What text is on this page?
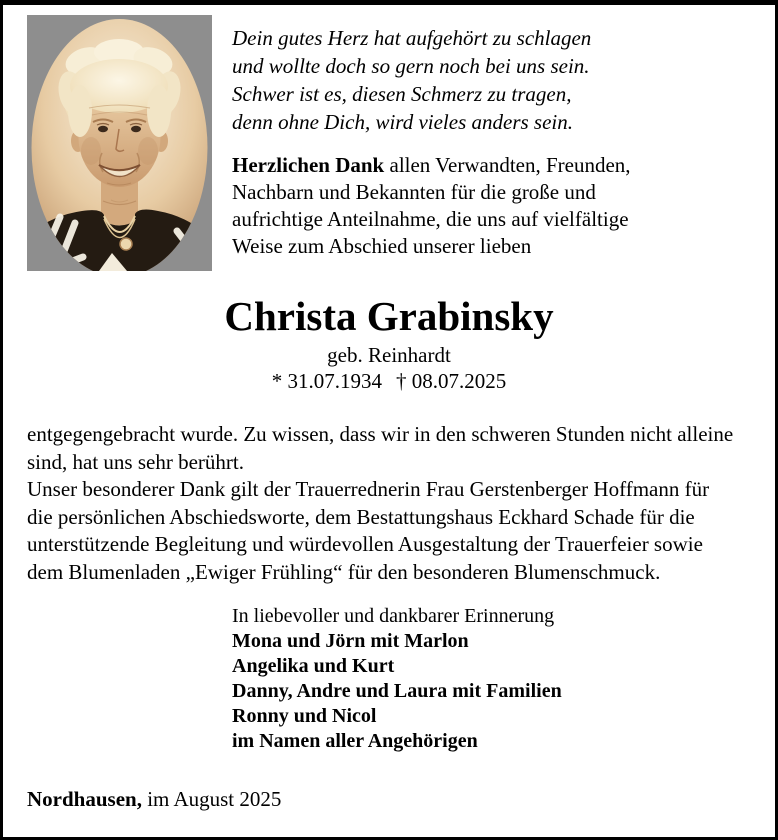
Dein gutes Herz hat aufgehört zu schlagen
und wollte doch so gern noch bei uns sein.
Schwer ist es, diesen Schmerz zu tragen,
denn ohne Dich, wird vieles anders sein.
Herzlichen Dank allen Verwandten, Freunden,
Nachbarn und Bekannten für die große und
aufrichtige Anteilnahme, die uns auf vielfältige
Weise zum Abschied unserer lieben
Christa Grabinsky
geb. Reinhardt
* 31.07.1934 † 08.07.2025
entgegengebracht wurde. Zu wissen, dass wir in den schweren Stunden nicht alleine
sind, hat uns sehr berührt.
Unser besonderer Dank gilt der Trauerrednerin Frau Gerstenberger Hoffmann für
die persönlichen Abschiedsworte, dem Bestattungshaus Eckhard Schade für die
unterstützende Begleitung und würdevollen Ausgestaltung der Trauerfeier sowie
dem Blumenladen „Ewiger Frühling“ für den besonderen Blumenschmuck.
In liebevoller und dankbarer Erinnerung
Mona und Jörn mit Marlon
Angelika und Kurt
Danny, Andre und Laura mit Familien
Ronny und Nicol
im Namen aller Angehörigen
Nordhausen, im August 2025
